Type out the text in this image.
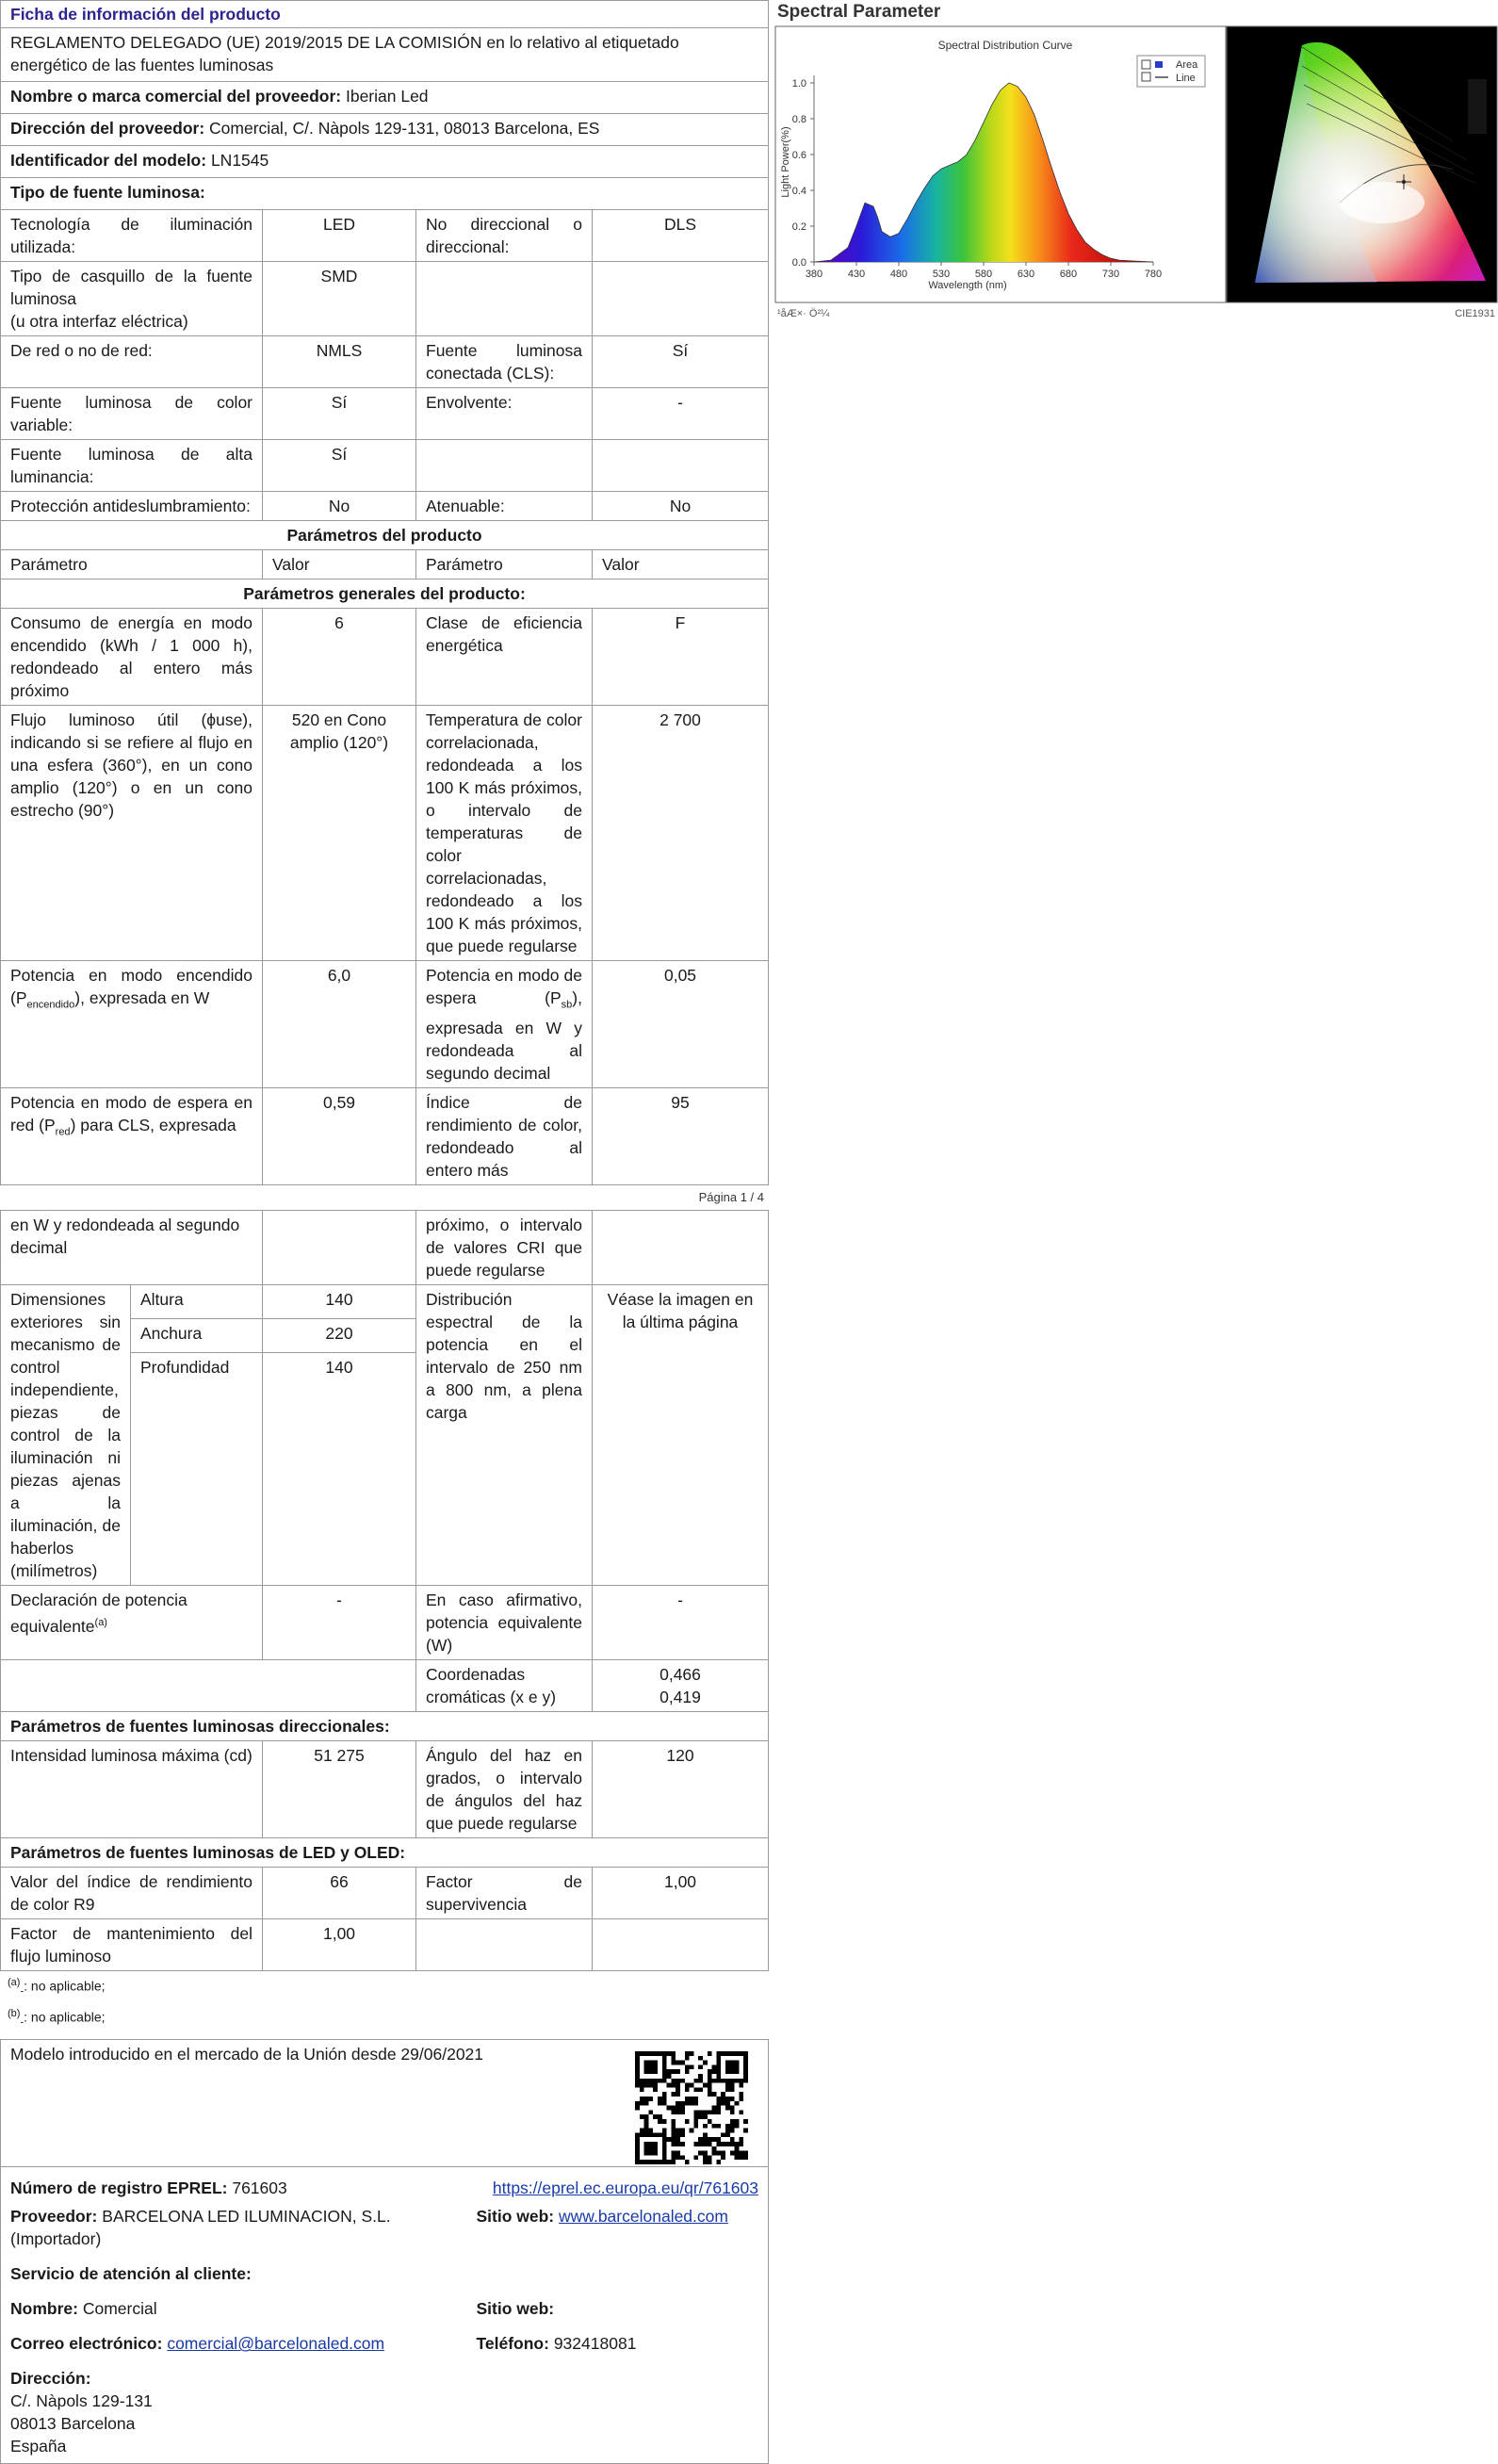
Ficha de información del producto			
REGLAMENTO DELEGADO (UE) 2019/2015 DE LA COMISIÓN en lo relativo al etiquetado energético de las fuentes luminosas			
Nombre o marca comercial del proveedor: Iberian Led			
Dirección del proveedor: Comercial, C/. Nàpols 129-131, 08013 Barcelona, ES			
Identificador del modelo: LN1545			
Tipo de fuente luminosa:			
Tecnología de iluminación utilizada:	LED	No direccional o direccional:	DLS
Tipo de casquillo de la fuente luminosa
(u otra interfaz eléctrica)	SMD		
De red o no de red:	NMLS	Fuente luminosa conectada (CLS):	Sí
Fuente luminosa de color variable:	Sí	Envolvente:	-
Fuente luminosa de alta luminancia:	Sí		
Protección antideslumbramiento:	No	Atenuable:	No
Parámetros del producto			
Parámetro	Valor	Parámetro	Valor
Parámetros generales del producto:			
Consumo de energía en modo encendido (kWh / 1 000 h), redondeado al entero más próximo	6	Clase de eficiencia energética	F
Flujo luminoso útil (ϕuse), indicando si se refiere al flujo en una esfera (360°), en un cono amplio (120°) o en un cono estrecho (90°)	520 en Cono amplio (120°)	Temperatura de color correlacionada, redondeada a los 100 K más próximos, o intervalo de temperaturas de color correlacionadas, redondeado a los 100 K más próximos, que puede regularse	2 700
Potencia en modo encendido $(P_{encendido})$, expresada en W	6,0	Potencia en modo de espera $(P_{sb})$, expresada en W y redondeada al segundo decimal	0,05
Potencia en modo de espera en red $(P_{red})$ para CLS, expresada	0,59	Índice de rendimiento de color, redondeado al entero más	95
Página 1 / 4
en W y redondeada al segundo decimal			próximo, o intervalo de valores CRI que puede regularse	
Dimensiones exteriores sin mecanismo de control independiente, piezas de control de la iluminación ni piezas ajenas a la iluminación, de haberlos (milímetros)	Altura	140	Distribución espectral de la potencia en el intervalo de 250 nm a 800 nm, a plena carga	Véase la imagen en la última página
	Anchura	220		
	Profundidad	140		
Declaración de potencia equivalente$^{(a)}$		-	En caso afirmativo, potencia equivalente (W)	-
			Coordenadas cromáticas (x e y)	0,466
0,419
Parámetros de fuentes luminosas direccionales:				
Intensidad luminosa máxima (cd)		51 275	Ángulo del haz en grados, o intervalo de ángulos del haz que puede regularse	120
Parámetros de fuentes luminosas de LED y OLED:				
Valor del índice de rendimiento de color R9		66	Factor de supervivencia	1,00
Factor de mantenimiento del flujo luminoso		1,00		
$^{(a)}_-$: no aplicable;
$^{(b)}_-$: no aplicable;
Modelo introducido en el mercado de la Unión desde 29/06/2021	

Número de registro EPREL: 761603	https://eprel.ec.europa.eu/qr/761603
Proveedor: BARCELONA LED ILUMINACION, S.L. (Importador)	Sitio web: www.barcelonaled.com
Servicio de atención al cliente:	
Nombre: Comercial	Sitio web:
Correo electrónico: comercial@barcelonaled.com	Teléfono: 932418081

Dirección:
C/. Nàpols 129-131
08013 Barcelona
España	
Spectral Parameter
Spectral Distribution Curve
1.0
0.8
0.6
0.4
0.2
0.0
380 430 480 530 580 630 680 730 780
Light Power(%)
Wavelength (nm)
Area
Line
¹åÆ×· Ö²¼	CIE1931
